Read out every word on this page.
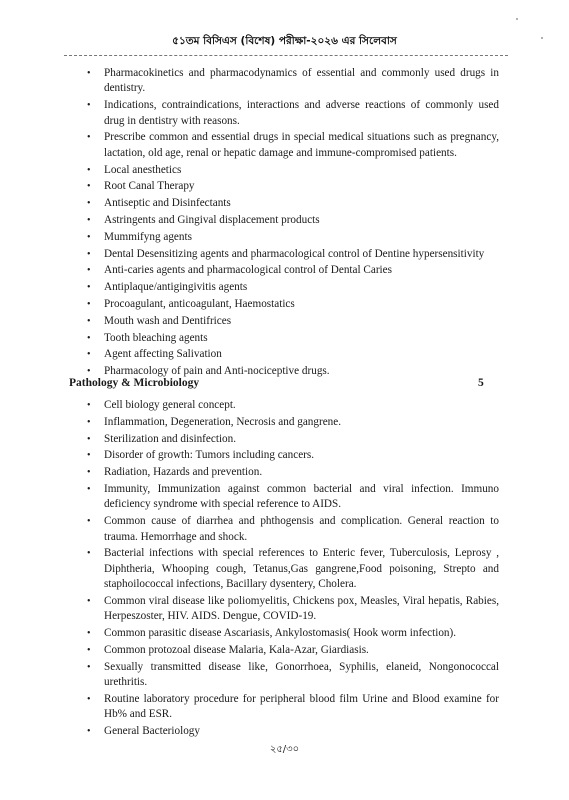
৫১তম বিসিএস (বিশেষ) পরীক্ষা-২০২৬ এর সিলেবাস
• Pharmacokinetics and pharmacodynamics of essential and commonly used drugs in dentistry.
• Indications, contraindications, interactions and adverse reactions of commonly used drug in dentistry with reasons.
• Prescribe common and essential drugs in special medical situations such as pregnancy, lactation, old age, renal or hepatic damage and immune-compromised patients.
• Local anesthetics
• Root Canal Therapy
• Antiseptic and Disinfectants
• Astringents and Gingival displacement products
• Mummifyng agents
• Dental Desensitizing agents and pharmacological control of Dentine hypersensitivity
• Anti-caries agents and pharmacological control of Dental Caries
• Antiplaque/antigingivitis agents
• Procoagulant, anticoagulant, Haemostatics
• Mouth wash and Dentifrices
• Tooth bleaching agents
• Agent affecting Salivation
• Pharmacology of pain and Anti-nociceptive drugs.
Pathology & Microbiology	5
• Cell biology general concept.
• Inflammation, Degeneration, Necrosis and gangrene.
• Sterilization and disinfection.
• Disorder of growth: Tumors including cancers.
• Radiation, Hazards and prevention.
• Immunity, Immunization against common bacterial and viral infection. Immuno deficiency syndrome with special reference to AIDS.
• Common cause of diarrhea and phthogensis and complication. General reaction to trauma. Hemorrhage and shock.
• Bacterial infections with special references to Enteric fever, Tuberculosis, Leprosy , Diphtheria, Whooping cough, Tetanus,Gas gangrene,Food poisoning, Strepto and staphoilococcal infections, Bacillary dysentery, Cholera.
• Common viral disease like poliomyelitis, Chickens pox, Measles, Viral hepatis, Rabies, Herpeszoster, HIV. AIDS. Dengue, COVID-19.
• Common parasitic disease Ascariasis, Ankylostomasis( Hook worm infection).
• Common protozoal disease Malaria, Kala-Azar, Giardiasis.
• Sexually transmitted disease like, Gonorrhoea, Syphilis, elaneid, Nongonococcal urethritis.
• Routine laboratory procedure for peripheral blood film Urine and Blood examine for Hb% and ESR.
• General Bacteriology
২৫/৩০
